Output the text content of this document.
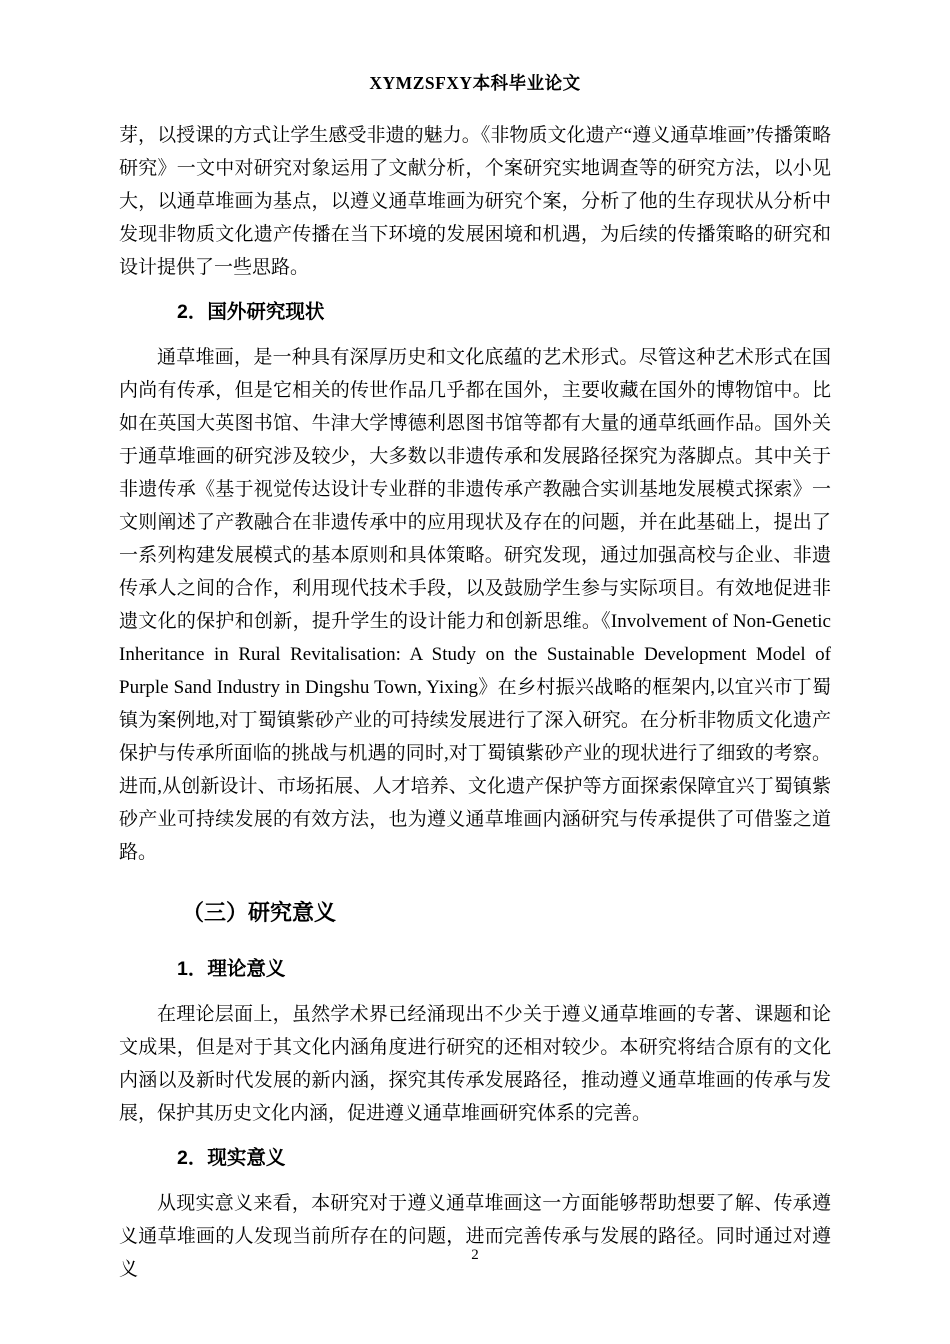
XYMZSFXY本科毕业论文

芽，以授课的方式让学生感受非遗的魅力。《非物质文化遗产“遵义通草堆画”传播策略研究》一文中对研究对象运用了文献分析，个案研究实地调查等的研究方法，以小见大，以通草堆画为基点，以遵义通草堆画为研究个案，分析了他的生存现状从分析中发现非物质文化遗产传播在当下环境的发展困境和机遇，为后续的传播策略的研究和设计提供了一些思路。

2．国外研究现状

通草堆画，是一种具有深厚历史和文化底蕴的艺术形式。尽管这种艺术形式在国内尚有传承，但是它相关的传世作品几乎都在国外，主要收藏在国外的博物馆中。比如在英国大英图书馆、牛津大学博德利恩图书馆等都有大量的通草纸画作品。国外关于通草堆画的研究涉及较少，大多数以非遗传承和发展路径探究为落脚点。其中关于非遗传承《基于视觉传达设计专业群的非遗传承产教融合实训基地发展模式探索》一文则阐述了产教融合在非遗传承中的应用现状及存在的问题，并在此基础上，提出了一系列构建发展模式的基本原则和具体策略。研究发现，通过加强高校与企业、非遗传承人之间的合作，利用现代技术手段，以及鼓励学生参与实际项目。有效地促进非遗文化的保护和创新，提升学生的设计能力和创新思维。《Involvement of Non-Genetic Inheritance in Rural Revitalisation: A Study on the Sustainable Development Model of Purple Sand Industry in Dingshu Town, Yixing》在乡村振兴战略的框架内,以宜兴市丁蜀镇为案例地,对丁蜀镇紫砂产业的可持续发展进行了深入研究。在分析非物质文化遗产保护与传承所面临的挑战与机遇的同时,对丁蜀镇紫砂产业的现状进行了细致的考察。进而,从创新设计、市场拓展、人才培养、文化遗产保护等方面探索保障宜兴丁蜀镇紫砂产业可持续发展的有效方法，也为遵义通草堆画内涵研究与传承提供了可借鉴之道路。

（三）研究意义
1．理论意义

在理论层面上，虽然学术界已经涌现出不少关于遵义通草堆画的专著、课题和论文成果，但是对于其文化内涵角度进行研究的还相对较少。本研究将结合原有的文化内涵以及新时代发展的新内涵，探究其传承发展路径，推动遵义通草堆画的传承与发展，保护其历史文化内涵，促进遵义通草堆画研究体系的完善。

2．现实意义

从现实意义来看，本研究对于遵义通草堆画这一方面能够帮助想要了解、传承遵义通草堆画的人发现当前所存在的问题，进而完善传承与发展的路径。同时通过对遵义

2
